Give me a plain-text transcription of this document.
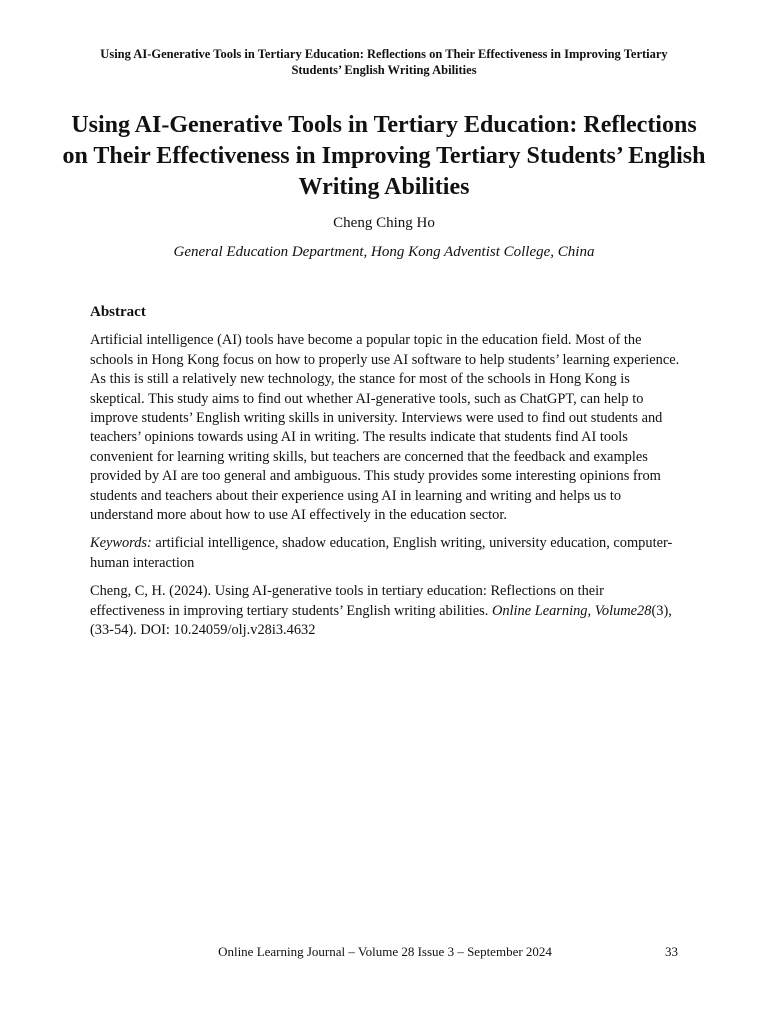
Using AI-Generative Tools in Tertiary Education: Reflections on Their Effectiveness in Improving Tertiary Students’ English Writing Abilities
Using AI-Generative Tools in Tertiary Education: Reflections on Their Effectiveness in Improving Tertiary Students’ English Writing Abilities
Cheng Ching Ho
General Education Department, Hong Kong Adventist College, China
Abstract

Artificial intelligence (AI) tools have become a popular topic in the education field. Most of the schools in Hong Kong focus on how to properly use AI software to help students’ learning experience. As this is still a relatively new technology, the stance for most of the schools in Hong Kong is skeptical. This study aims to find out whether AI-generative tools, such as ChatGPT, can help to improve students’ English writing skills in university. Interviews were used to find out students and teachers’ opinions towards using AI in writing. The results indicate that students find AI tools convenient for learning writing skills, but teachers are concerned that the feedback and examples provided by AI are too general and ambiguous. This study provides some interesting opinions from students and teachers about their experience using AI in learning and writing and helps us to understand more about how to use AI effectively in the education sector.

Keywords: artificial intelligence, shadow education, English writing, university education, computer-human interaction

Cheng, C, H. (2024). Using AI-generative tools in tertiary education: Reflections on their effectiveness in improving tertiary students’ English writing abilities. Online Learning, Volume28(3), (33-54). DOI: 10.24059/olj.v28i3.4632

Online Learning Journal – Volume 28 Issue 3 – September 2024	33
